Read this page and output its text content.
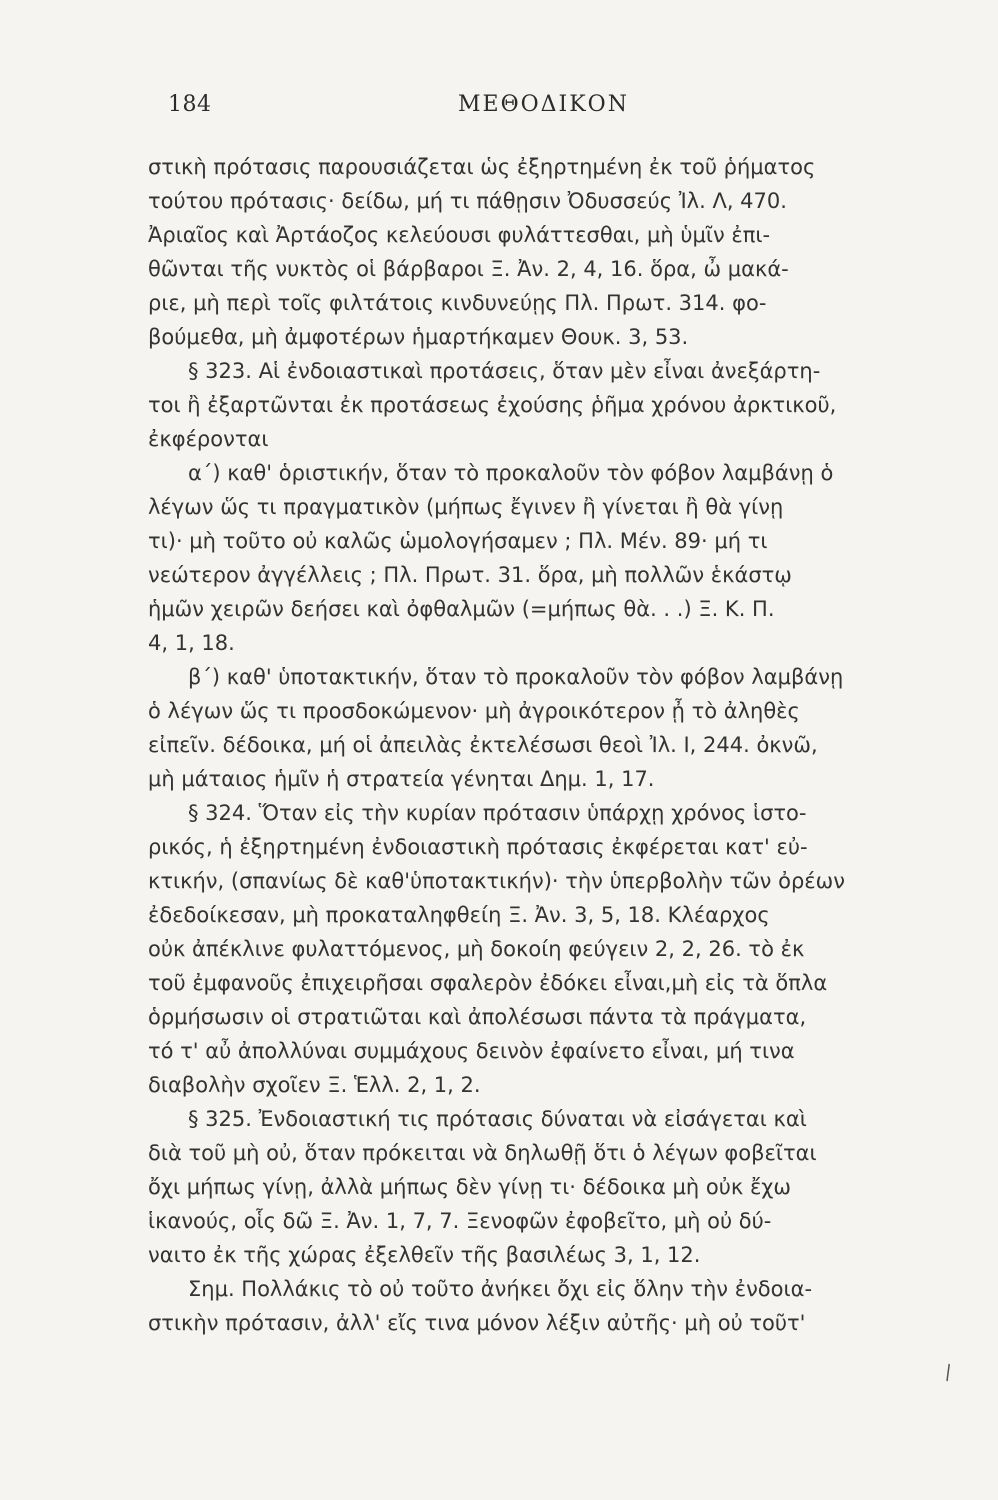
184	ΜΕΘΟΔΙΚΟΝ
στικὴ πρότασις παρουσιάζεται ὡς ἐξηρτημένη ἐκ τοῦ ῥήματος
τούτου πρότασις· δείδω, μή τι πάθῃσιν Ὀδυσσεύς Ἰλ. Λ, 470.
Ἀριαῖος καὶ Ἀρτάοζος κελεύουσι φυλάττεσθαι, μὴ ὑμῖν ἐπι-
θῶνται τῆς νυκτὸς οἱ βάρβαροι Ξ. Ἀν. 2, 4, 16. ὅρα, ὦ μακά-
ριε, μὴ περὶ τοῖς φιλτάτοις κινδυνεύῃς Πλ. Πρωτ. 314. φο-
βούμεθα, μὴ ἀμφοτέρων ἡμαρτήκαμεν Θουκ. 3, 53.
§ 323. Αἱ ἐνδοιαστικαὶ προτάσεις, ὅταν μὲν εἶναι ἀνεξάρτη-
τοι ἢ ἐξαρτῶνται ἐκ προτάσεως ἐχούσης ῥῆμα χρόνου ἀρκτικοῦ,
ἐκφέρονται
α΄) καθ' ὁριστικήν, ὅταν τὸ προκαλοῦν τὸν φόβον λαμβάνῃ ὁ
λέγων ὥς τι πραγματικὸν (μήπως ἔγινεν ἢ γίνεται ἢ θὰ γίνῃ
τι)· μὴ τοῦτο οὐ καλῶς ὡμολογήσαμεν ; Πλ. Μέν. 89· μή τι
νεώτερον ἀγγέλλεις ; Πλ. Πρωτ. 31. ὅρα, μὴ πολλῶν ἑκάστῳ
ἡμῶν χειρῶν δεήσει καὶ ὀφθαλμῶν (=μήπως θὰ. . .) Ξ. Κ. Π.
4, 1, 18.
β΄) καθ' ὑποτακτικήν, ὅταν τὸ προκαλοῦν τὸν φόβον λαμβάνῃ
ὁ λέγων ὥς τι προσδοκώμενον· μὴ ἀγροικότερον ᾖ τὸ ἀληθὲς
εἰπεῖν. δέδοικα, μή οἱ ἀπειλὰς ἐκτελέσωσι θεοὶ Ἰλ. Ι, 244. ὀκνῶ,
μὴ μάταιος ἡμῖν ἡ στρατεία γένηται Δημ. 1, 17.
§ 324. Ὅταν εἰς τὴν κυρίαν πρότασιν ὑπάρχῃ χρόνος ἱστο-
ρικός, ἡ ἐξηρτημένη ἐνδοιαστικὴ πρότασις ἐκφέρεται κατ' εὐ-
κτικήν, (σπανίως δὲ καθ'ὑποτακτικήν)· τὴν ὑπερβολὴν τῶν ὀρέων
ἐδεδοίκεσαν, μὴ προκαταληφθείη Ξ. Ἀν. 3, 5, 18. Κλέαρχος
οὐκ ἀπέκλινε φυλαττόμενος, μὴ δοκοίη φεύγειν 2, 2, 26. τὸ ἐκ
τοῦ ἐμφανοῦς ἐπιχειρῆσαι σφαλερὸν ἐδόκει εἶναι,μὴ εἰς τὰ ὅπλα
ὁρμήσωσιν οἱ στρατιῶται καὶ ἀπολέσωσι πάντα τὰ πράγματα,
τό τ' αὖ ἀπολλύναι συμμάχους δεινὸν ἐφαίνετο εἶναι, μή τινα
διαβολὴν σχοῖεν Ξ. Ἑλλ. 2, 1, 2.
§ 325. Ἐνδοιαστική τις πρότασις δύναται νὰ εἰσάγεται καὶ
διὰ τοῦ μὴ οὐ, ὅταν πρόκειται νὰ δηλωθῇ ὅτι ὁ λέγων φοβεῖται
ὄχι μήπως γίνῃ, ἀλλὰ μήπως δὲν γίνῃ τι· δέδοικα μὴ οὐκ ἔχω
ἱκανούς, οἷς δῶ Ξ. Ἀν. 1, 7, 7. Ξενοφῶν ἐφοβεῖτο, μὴ οὐ δύ-
ναιτο ἐκ τῆς χώρας ἐξελθεῖν τῆς βασιλέως 3, 1, 12.
Σημ. Πολλάκις τὸ οὐ τοῦτο ἀνήκει ὄχι εἰς ὅλην τὴν ἐνδοια-
στικὴν πρότασιν, ἀλλ' εἴς τινα μόνον λέξιν αὐτῆς· μὴ οὐ τοῦτ'
\
